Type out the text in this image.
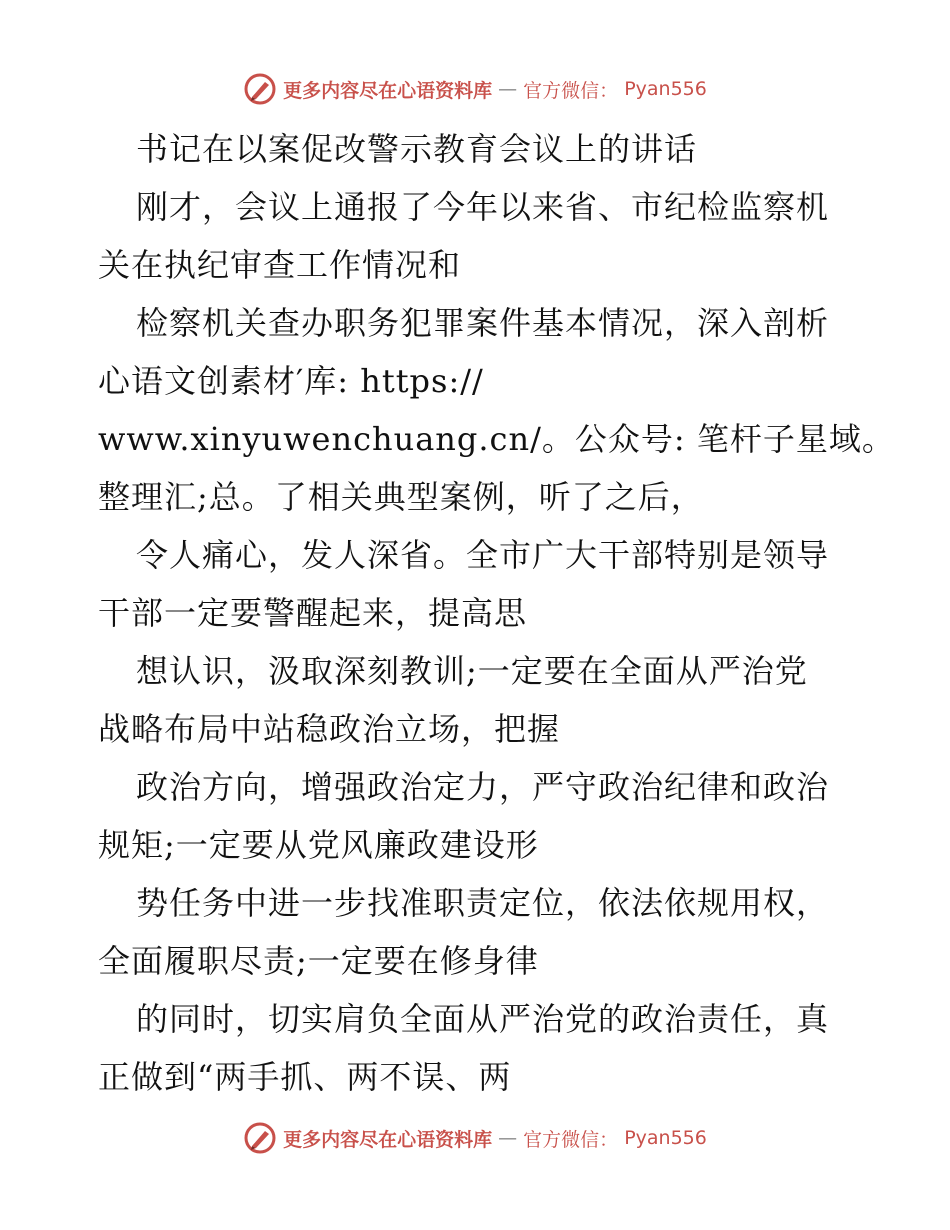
更多内容尽在心语资料库 — 官方微信： Pyan556
书记在以案促改警示教育会议上的讲话
刚才，会议上通报了今年以来省、市纪检监察机
关在执纪审查工作情况和
检察机关查办职务犯罪案件基本情况，深入剖析
心语文创素材′库: https://
www.xinyuwenchuang.cn/。公众号: 笔杆子星域。
整理汇;总。了相关典型案例，听了之后，
令人痛心，发人深省。全市广大干部特别是领导
干部一定要警醒起来，提高思
想认识，汲取深刻教训;一定要在全面从严治党
战略布局中站稳政治立场，把握
政治方向，增强政治定力，严守政治纪律和政治
规矩;一定要从党风廉政建设形
势任务中进一步找准职责定位，依法依规用权，
全面履职尽责;一定要在修身律
的同时，切实肩负全面从严治党的政治责任，真
正做到“两手抓、两不误、两
更多内容尽在心语资料库 — 官方微信： Pyan556
